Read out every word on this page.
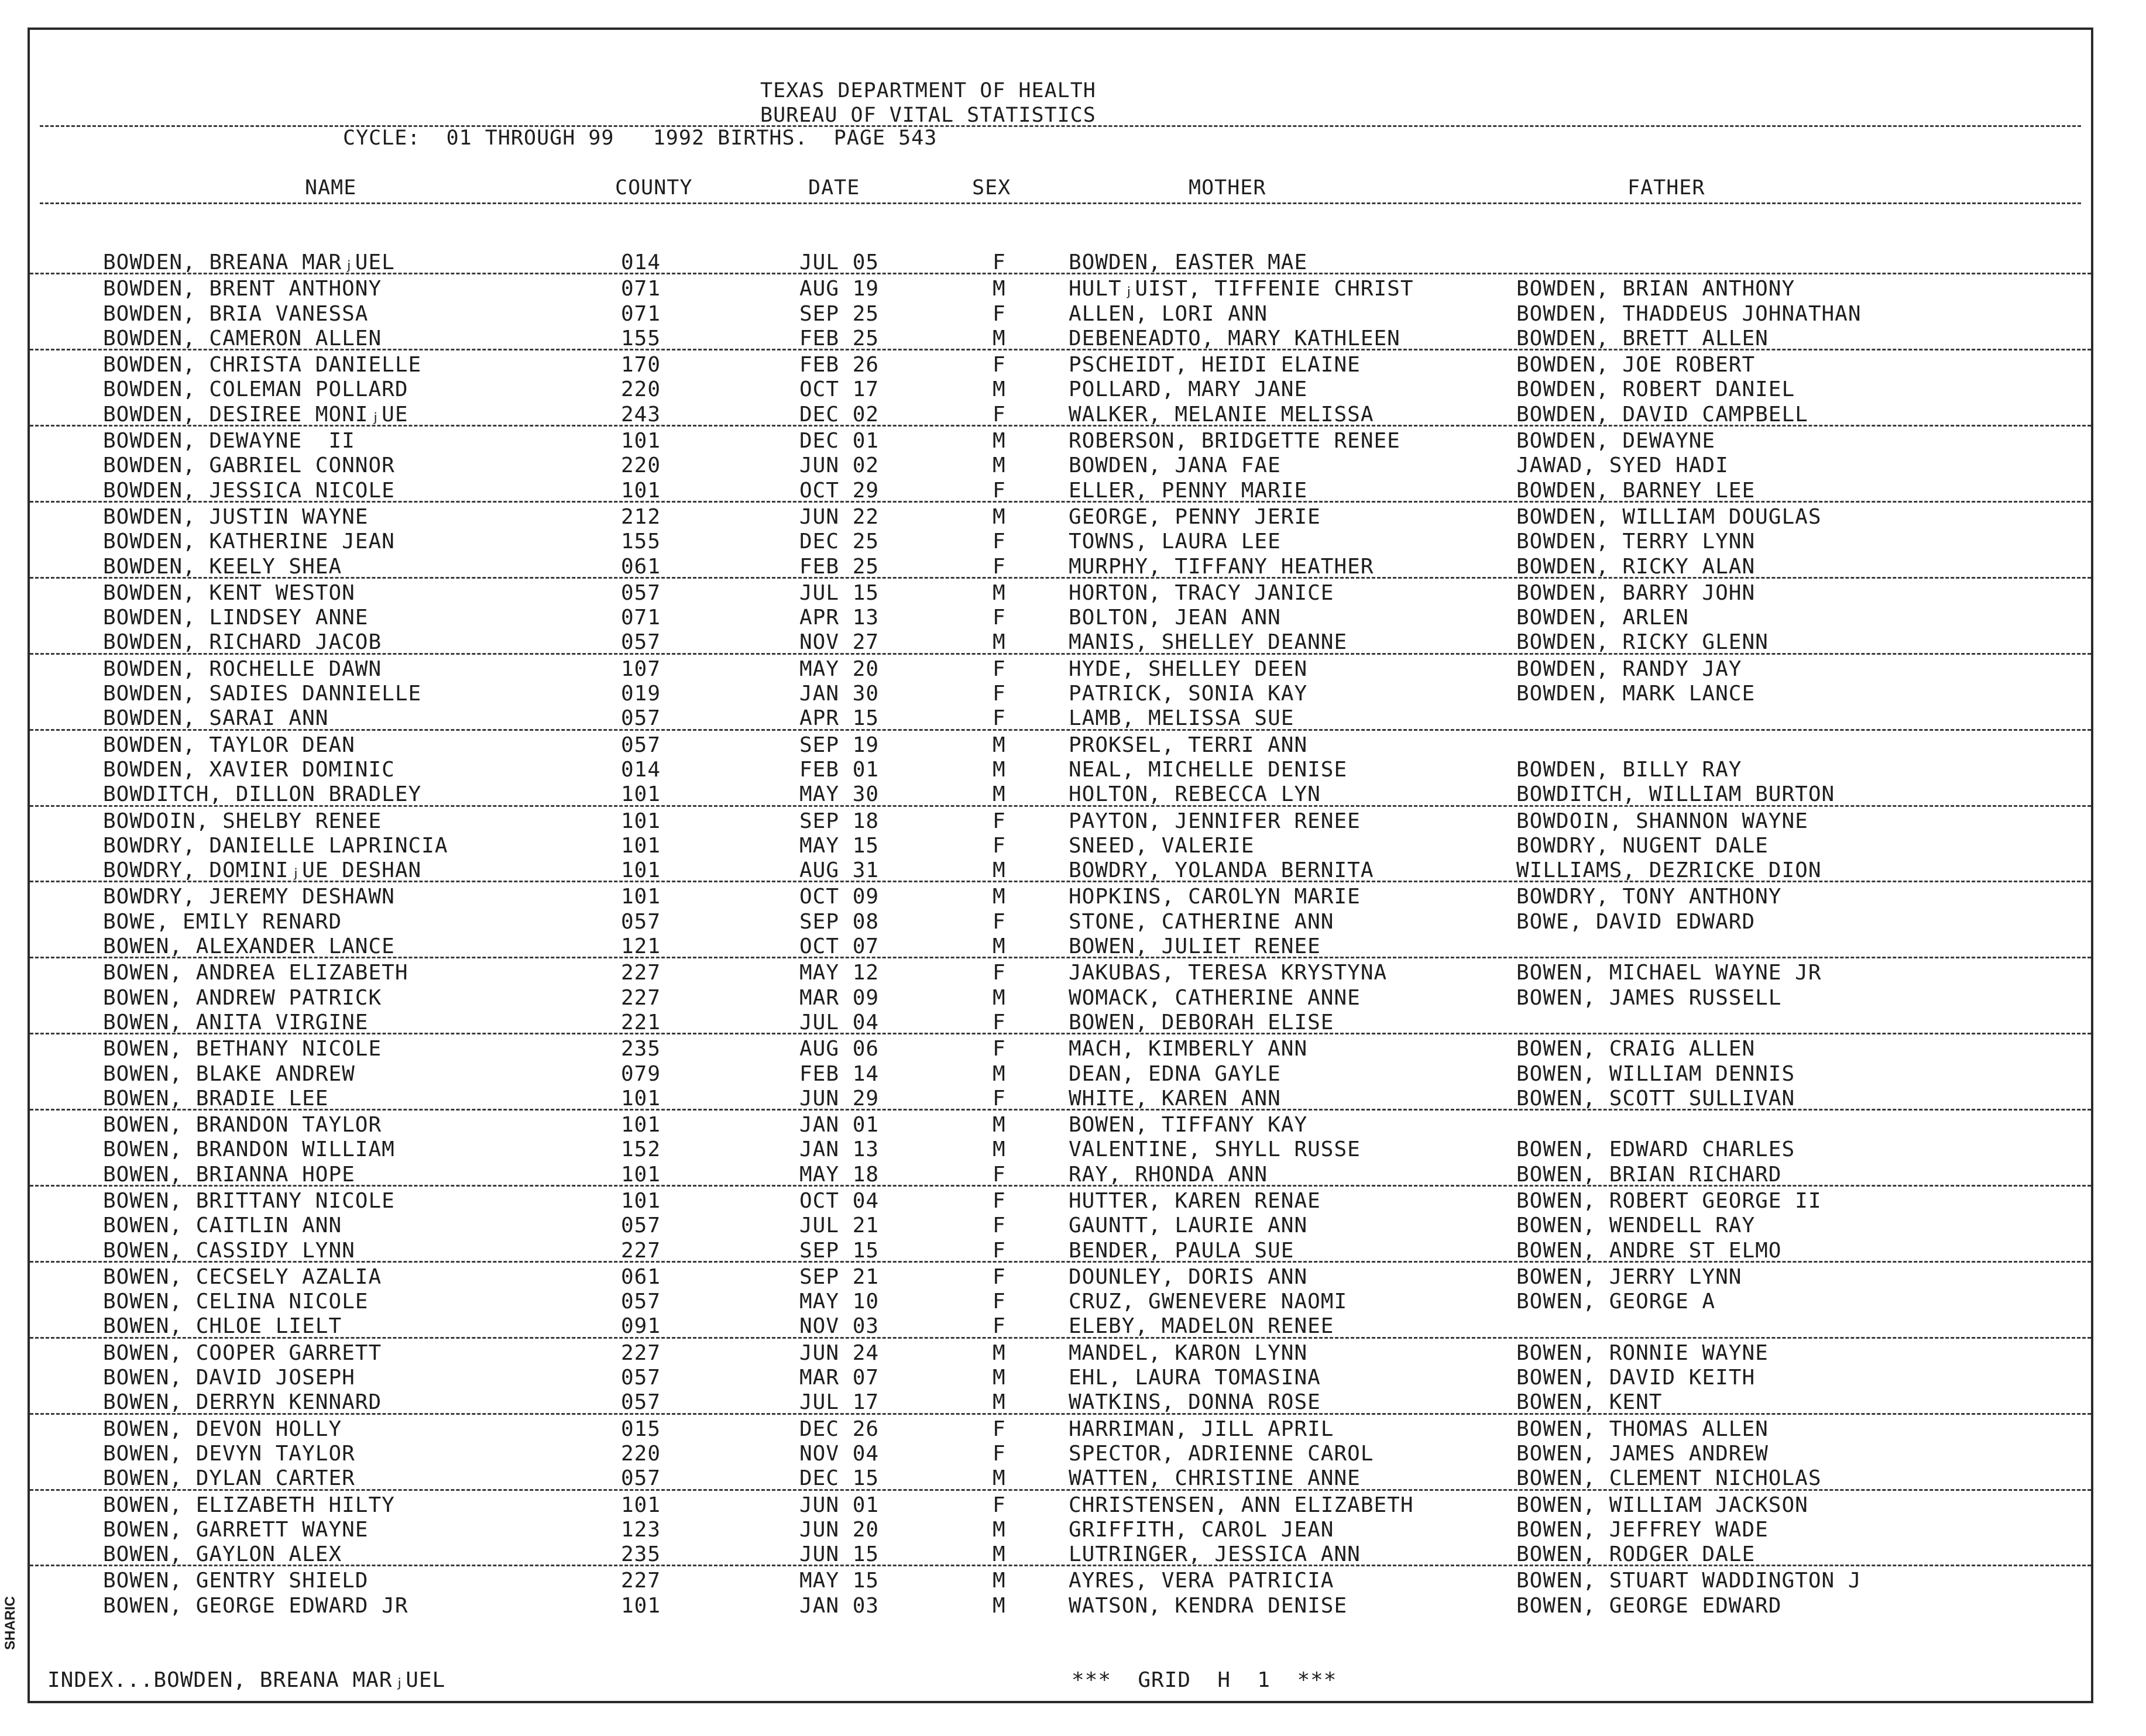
TEXAS DEPARTMENT OF HEALTH
BUREAU OF VITAL STATISTICS
CYCLE:  01 THROUGH 99   1992 BIRTHS.  PAGE 543
NAME	COUNTY	DATE	SEX	MOTHER	FATHER
BOWDEN, BREANA MARⱼUEL	014	JUL 05	F	BOWDEN, EASTER MAE
BOWDEN, BRENT ANTHONY	071	AUG 19	M	HULTⱼUIST, TIFFENIE CHRIST	BOWDEN, BRIAN ANTHONY
BOWDEN, BRIA VANESSA	071	SEP 25	F	ALLEN, LORI ANN	BOWDEN, THADDEUS JOHNATHAN
BOWDEN, CAMERON ALLEN	155	FEB 25	M	DEBENEADTO, MARY KATHLEEN	BOWDEN, BRETT ALLEN
BOWDEN, CHRISTA DANIELLE	170	FEB 26	F	PSCHEIDT, HEIDI ELAINE	BOWDEN, JOE ROBERT
BOWDEN, COLEMAN POLLARD	220	OCT 17	M	POLLARD, MARY JANE	BOWDEN, ROBERT DANIEL
BOWDEN, DESIREE MONIⱼUE	243	DEC 02	F	WALKER, MELANIE MELISSA	BOWDEN, DAVID CAMPBELL
BOWDEN, DEWAYNE  II	101	DEC 01	M	ROBERSON, BRIDGETTE RENEE	BOWDEN, DEWAYNE
BOWDEN, GABRIEL CONNOR	220	JUN 02	M	BOWDEN, JANA FAE	JAWAD, SYED HADI
BOWDEN, JESSICA NICOLE	101	OCT 29	F	ELLER, PENNY MARIE	BOWDEN, BARNEY LEE
BOWDEN, JUSTIN WAYNE	212	JUN 22	M	GEORGE, PENNY JERIE	BOWDEN, WILLIAM DOUGLAS
BOWDEN, KATHERINE JEAN	155	DEC 25	F	TOWNS, LAURA LEE	BOWDEN, TERRY LYNN
BOWDEN, KEELY SHEA	061	FEB 25	F	MURPHY, TIFFANY HEATHER	BOWDEN, RICKY ALAN
BOWDEN, KENT WESTON	057	JUL 15	M	HORTON, TRACY JANICE	BOWDEN, BARRY JOHN
BOWDEN, LINDSEY ANNE	071	APR 13	F	BOLTON, JEAN ANN	BOWDEN, ARLEN
BOWDEN, RICHARD JACOB	057	NOV 27	M	MANIS, SHELLEY DEANNE	BOWDEN, RICKY GLENN
BOWDEN, ROCHELLE DAWN	107	MAY 20	F	HYDE, SHELLEY DEEN	BOWDEN, RANDY JAY
BOWDEN, SADIES DANNIELLE	019	JAN 30	F	PATRICK, SONIA KAY	BOWDEN, MARK LANCE
BOWDEN, SARAI ANN	057	APR 15	F	LAMB, MELISSA SUE
BOWDEN, TAYLOR DEAN	057	SEP 19	M	PROKSEL, TERRI ANN
BOWDEN, XAVIER DOMINIC	014	FEB 01	M	NEAL, MICHELLE DENISE	BOWDEN, BILLY RAY
BOWDITCH, DILLON BRADLEY	101	MAY 30	M	HOLTON, REBECCA LYN	BOWDITCH, WILLIAM BURTON
BOWDOIN, SHELBY RENEE	101	SEP 18	F	PAYTON, JENNIFER RENEE	BOWDOIN, SHANNON WAYNE
BOWDRY, DANIELLE LAPRINCIA	101	MAY 15	F	SNEED, VALERIE	BOWDRY, NUGENT DALE
BOWDRY, DOMINIⱼUE DESHAN	101	AUG 31	M	BOWDRY, YOLANDA BERNITA	WILLIAMS, DEZRICKE DION
BOWDRY, JEREMY DESHAWN	101	OCT 09	M	HOPKINS, CAROLYN MARIE	BOWDRY, TONY ANTHONY
BOWE, EMILY RENARD	057	SEP 08	F	STONE, CATHERINE ANN	BOWE, DAVID EDWARD
BOWEN, ALEXANDER LANCE	121	OCT 07	M	BOWEN, JULIET RENEE
BOWEN, ANDREA ELIZABETH	227	MAY 12	F	JAKUBAS, TERESA KRYSTYNA	BOWEN, MICHAEL WAYNE JR
BOWEN, ANDREW PATRICK	227	MAR 09	M	WOMACK, CATHERINE ANNE	BOWEN, JAMES RUSSELL
BOWEN, ANITA VIRGINE	221	JUL 04	F	BOWEN, DEBORAH ELISE
BOWEN, BETHANY NICOLE	235	AUG 06	F	MACH, KIMBERLY ANN	BOWEN, CRAIG ALLEN
BOWEN, BLAKE ANDREW	079	FEB 14	M	DEAN, EDNA GAYLE	BOWEN, WILLIAM DENNIS
BOWEN, BRADIE LEE	101	JUN 29	F	WHITE, KAREN ANN	BOWEN, SCOTT SULLIVAN
BOWEN, BRANDON TAYLOR	101	JAN 01	M	BOWEN, TIFFANY KAY
BOWEN, BRANDON WILLIAM	152	JAN 13	M	VALENTINE, SHYLL RUSSE	BOWEN, EDWARD CHARLES
BOWEN, BRIANNA HOPE	101	MAY 18	F	RAY, RHONDA ANN	BOWEN, BRIAN RICHARD
BOWEN, BRITTANY NICOLE	101	OCT 04	F	HUTTER, KAREN RENAE	BOWEN, ROBERT GEORGE II
BOWEN, CAITLIN ANN	057	JUL 21	F	GAUNTT, LAURIE ANN	BOWEN, WENDELL RAY
BOWEN, CASSIDY LYNN	227	SEP 15	F	BENDER, PAULA SUE	BOWEN, ANDRE ST ELMO
BOWEN, CECSELY AZALIA	061	SEP 21	F	DOUNLEY, DORIS ANN	BOWEN, JERRY LYNN
BOWEN, CELINA NICOLE	057	MAY 10	F	CRUZ, GWENEVERE NAOMI	BOWEN, GEORGE A
BOWEN, CHLOE LIELT	091	NOV 03	F	ELEBY, MADELON RENEE
BOWEN, COOPER GARRETT	227	JUN 24	M	MANDEL, KARON LYNN	BOWEN, RONNIE WAYNE
BOWEN, DAVID JOSEPH	057	MAR 07	M	EHL, LAURA TOMASINA	BOWEN, DAVID KEITH
BOWEN, DERRYN KENNARD	057	JUL 17	M	WATKINS, DONNA ROSE	BOWEN, KENT
BOWEN, DEVON HOLLY	015	DEC 26	F	HARRIMAN, JILL APRIL	BOWEN, THOMAS ALLEN
BOWEN, DEVYN TAYLOR	220	NOV 04	F	SPECTOR, ADRIENNE CAROL	BOWEN, JAMES ANDREW
BOWEN, DYLAN CARTER	057	DEC 15	M	WATTEN, CHRISTINE ANNE	BOWEN, CLEMENT NICHOLAS
BOWEN, ELIZABETH HILTY	101	JUN 01	F	CHRISTENSEN, ANN ELIZABETH	BOWEN, WILLIAM JACKSON
BOWEN, GARRETT WAYNE	123	JUN 20	M	GRIFFITH, CAROL JEAN	BOWEN, JEFFREY WADE
BOWEN, GAYLON ALEX	235	JUN 15	M	LUTRINGER, JESSICA ANN	BOWEN, RODGER DALE
BOWEN, GENTRY SHIELD	227	MAY 15	M	AYRES, VERA PATRICIA	BOWEN, STUART WADDINGTON J
BOWEN, GEORGE EDWARD JR	101	JAN 03	M	WATSON, KENDRA DENISE	BOWEN, GEORGE EDWARD
INDEX...BOWDEN, BREANA MARⱼUEL	***  GRID  H  1  ***
SHARIC
